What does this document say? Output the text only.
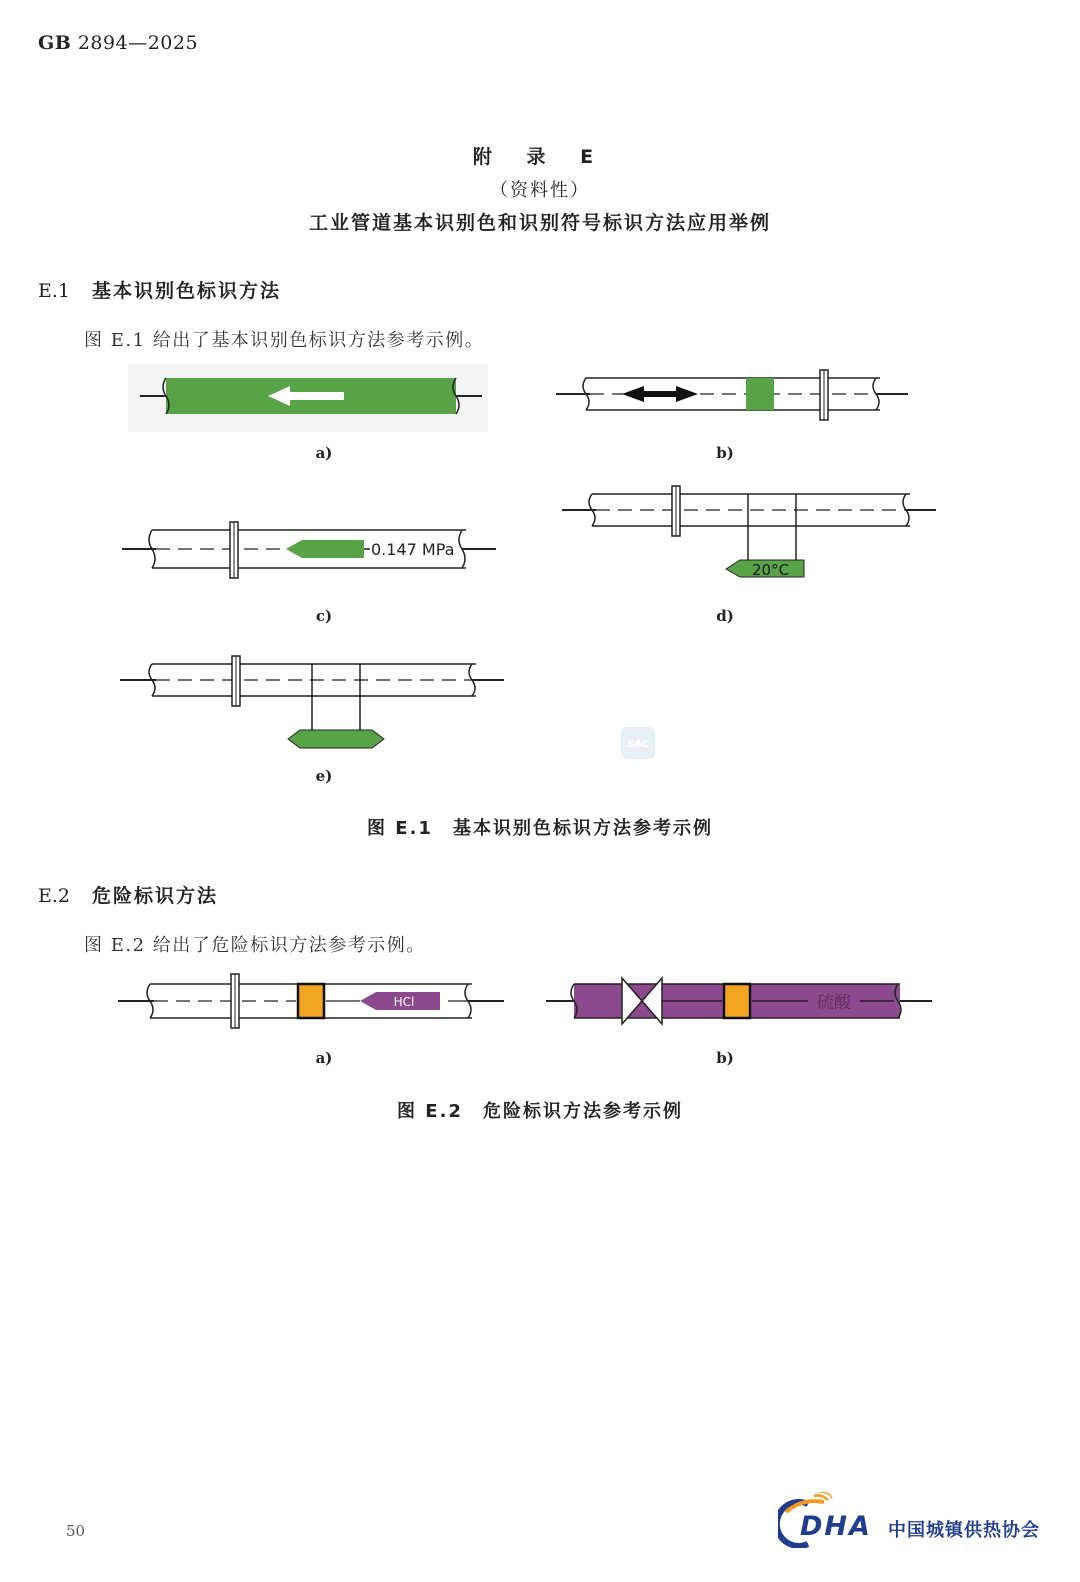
GB 2894—2025
附 录 E
（资料性）
工业管道基本识别色和识别符号标识方法应用举例
E.1 基本识别色标识方法
图 E.1 给出了基本识别色标识方法参考示例。
a)	b)
0.147 MPa
c)
20°C
d)
e)
SAC
图 E.1 基本识别色标识方法参考示例
E.2 危险标识方法
图 E.2 给出了危险标识方法参考示例。
HCl
a)
硫酸
b)
图 E.2 危险标识方法参考示例
50	DHA 中国城镇供热协会
